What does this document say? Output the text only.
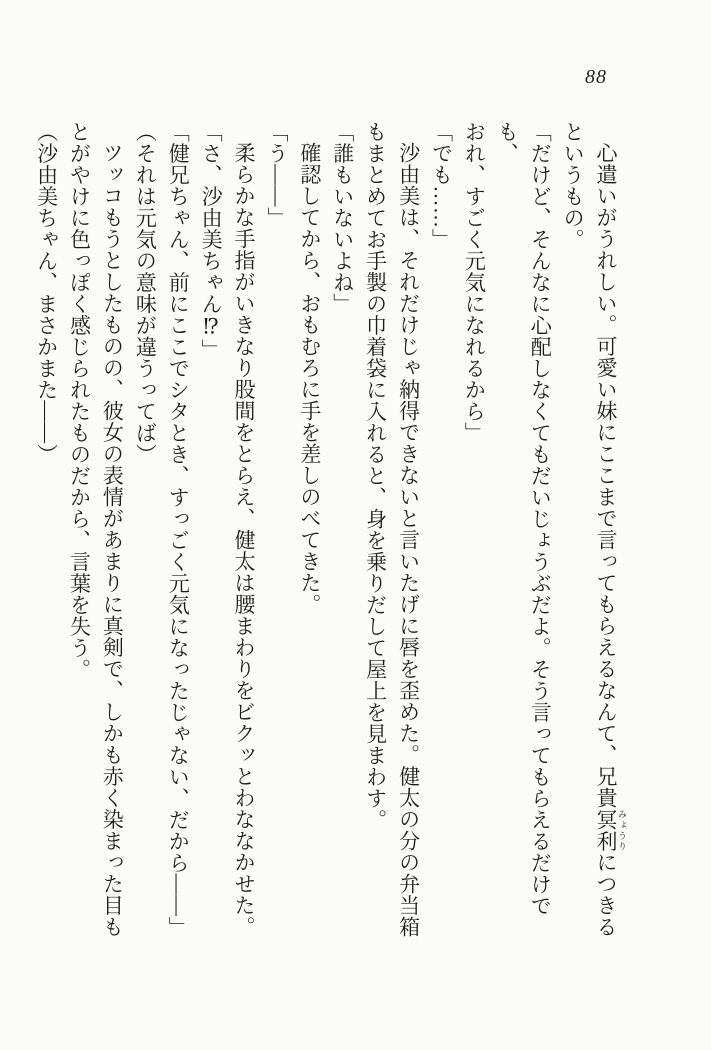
88

心遣いがうれしい。可愛い妹にここまで言ってもらえるなんて、兄貴冥利 みょうりにつきる

というもの。

「だけど、そんなに心配しなくてもだいじょうぶだよ。そう言ってもらえるだけでも、

おれ、すごく元気になれるから」

「でも……」

沙由美は、それだけじゃ納得できないと言いたげに唇を歪めた。健太の分の弁当箱

もまとめてお手製の巾着袋に入れると、身を乗りだして屋上を見まわす。

「誰もいないよね」

確認してから、おもむろに手を差しのべてきた。

「う――」

柔らかな手指がいきなり股間をとらえ、健太は腰まわりをビクッとわななかせた。

「さ、沙由美ちゃん⁉」

「健兄ちゃん、前にここでシタとき、すっごく元気になったじゃない、だから――」

（それは元気の意味が違うってば）

ツッコもうとしたものの、彼女の表情があまりに真剣で、しかも赤く染まった目も

とがやけに色っぽく感じられたものだから、言葉を失う。

（沙由美ちゃん、まさかまた――）
